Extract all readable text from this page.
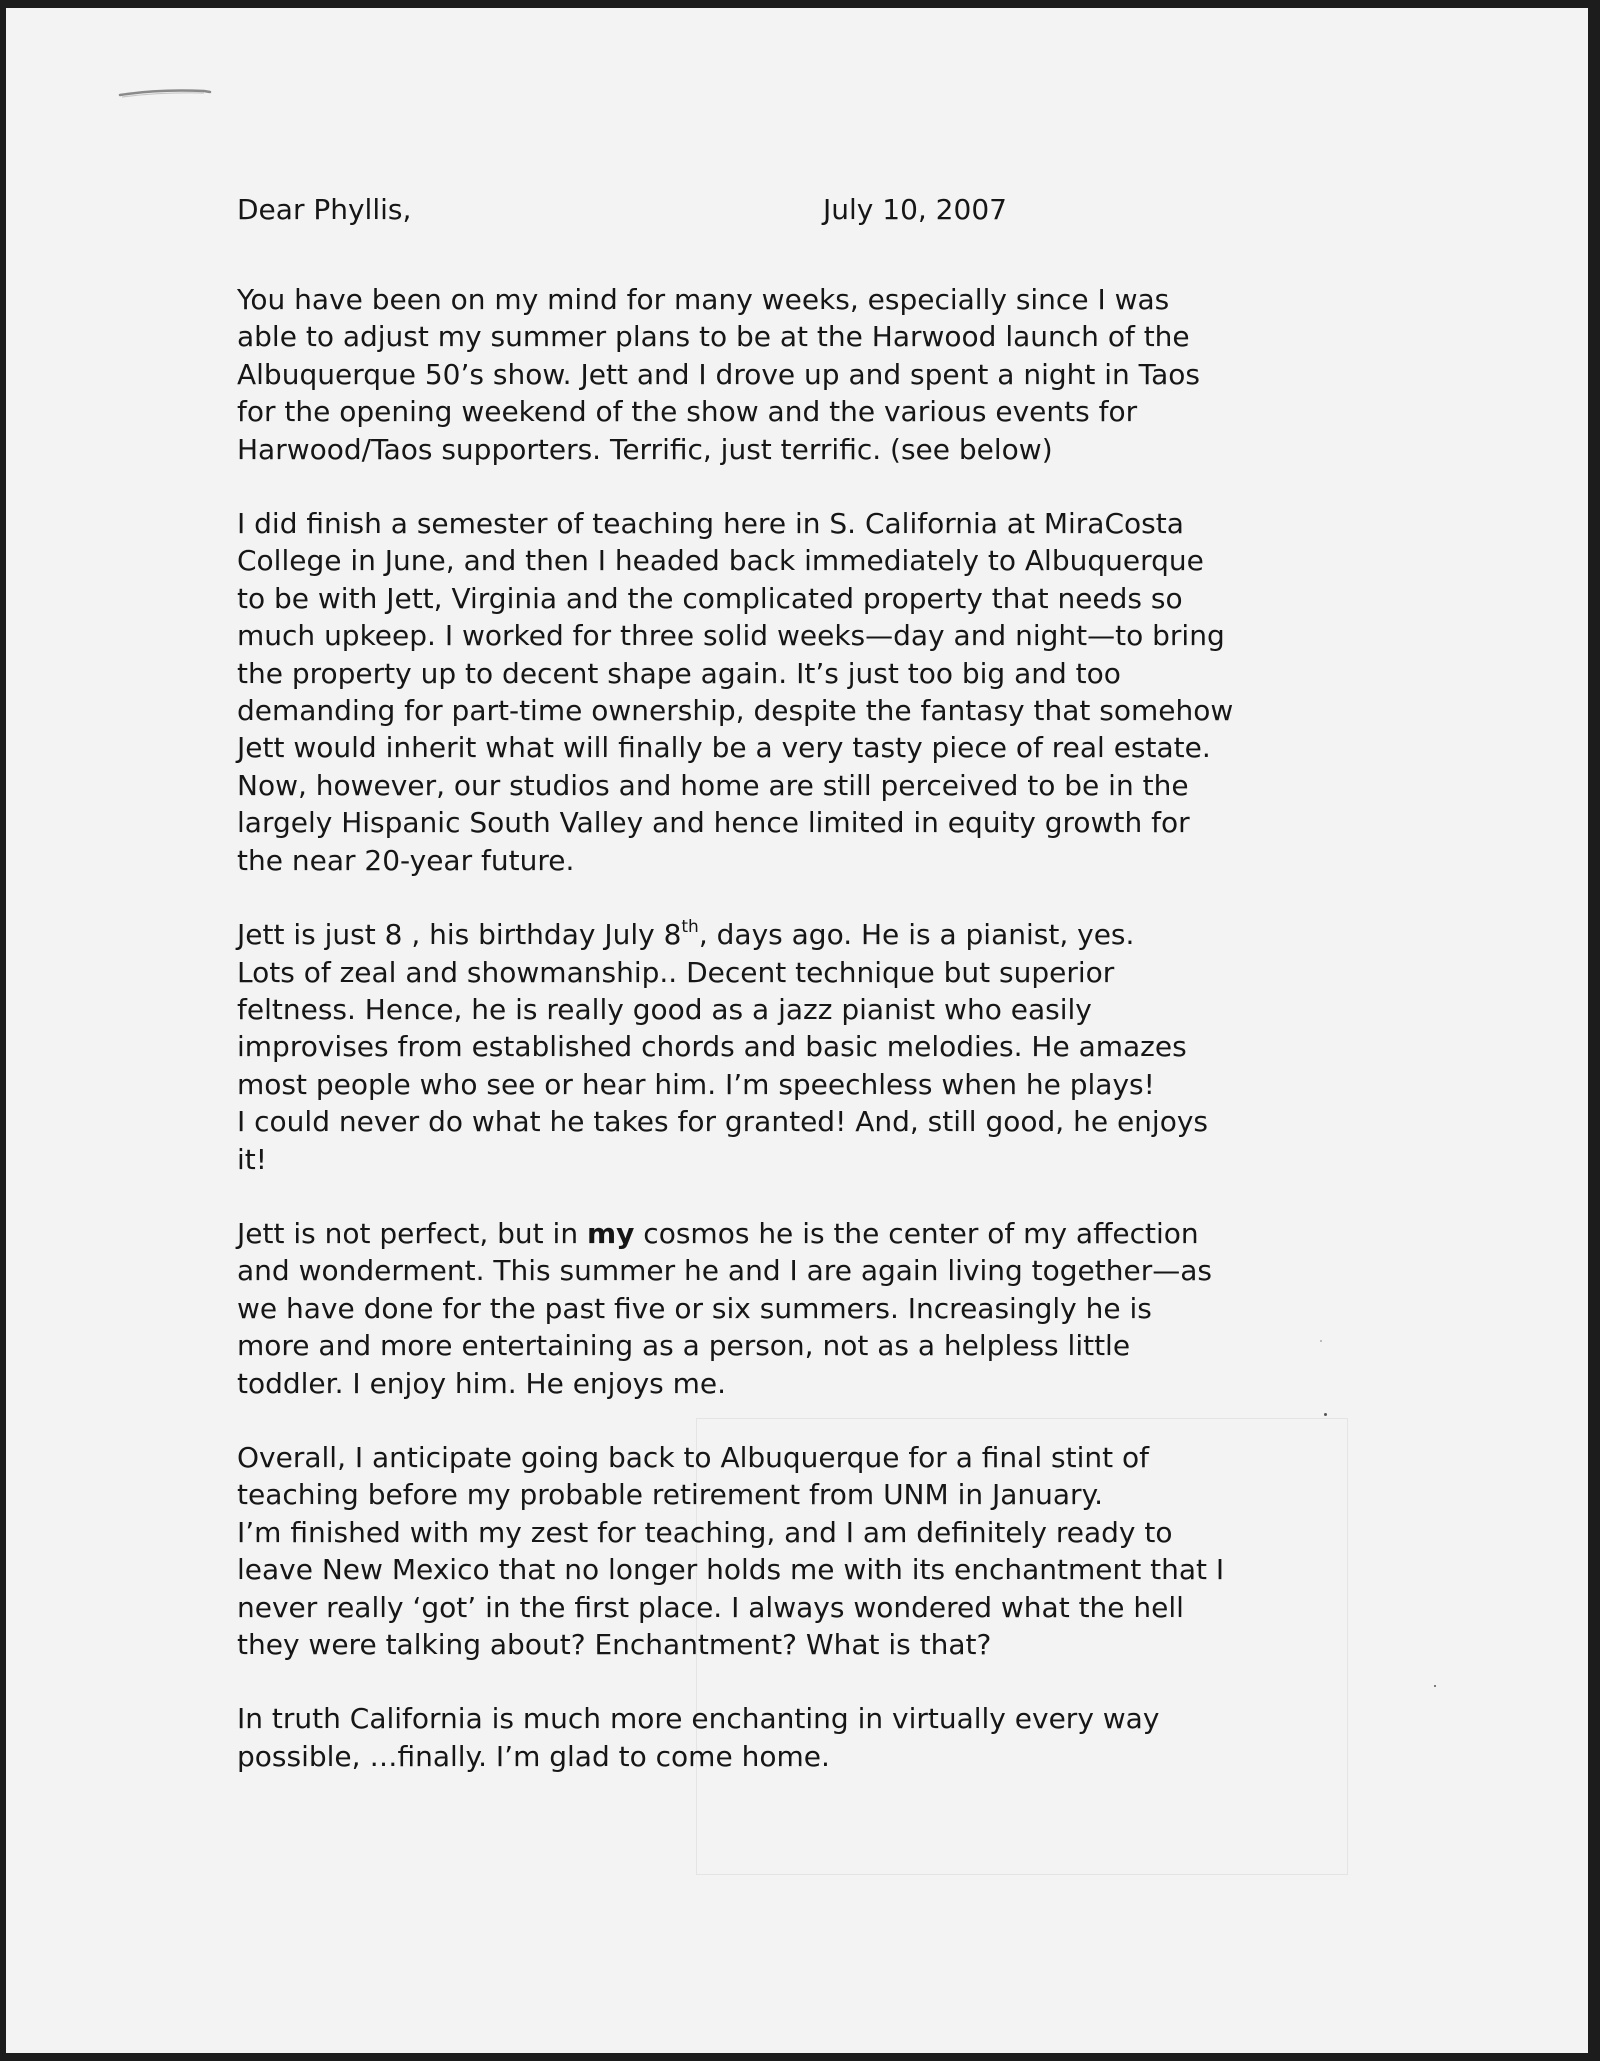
Dear Phyllis,	July 10, 2007
You have been on my mind for many weeks, especially since I was
able to adjust my summer plans to be at the Harwood launch of the
Albuquerque 50’s show. Jett and I drove up and spent a night in Taos
for the opening weekend of the show and the various events for
Harwood/Taos supporters. Terrific, just terrific. (see below)
I did finish a semester of teaching here in S. California at MiraCosta
College in June, and then I headed back immediately to Albuquerque
to be with Jett, Virginia and the complicated property that needs so
much upkeep. I worked for three solid weeks—day and night—to bring
the property up to decent shape again. It’s just too big and too
demanding for part-time ownership, despite the fantasy that somehow
Jett would inherit what will finally be a very tasty piece of real estate.
Now, however, our studios and home are still perceived to be in the
largely Hispanic South Valley and hence limited in equity growth for
the near 20-year future.
Jett is just 8 , his birthday July 8th, days ago. He is a pianist, yes.
Lots of zeal and showmanship.. Decent technique but superior
feltness. Hence, he is really good as a jazz pianist who easily
improvises from established chords and basic melodies. He amazes
most people who see or hear him. I’m speechless when he plays!
I could never do what he takes for granted! And, still good, he enjoys
it!
Jett is not perfect, but in my cosmos he is the center of my affection
and wonderment. This summer he and I are again living together—as
we have done for the past five or six summers. Increasingly he is
more and more entertaining as a person, not as a helpless little
toddler. I enjoy him. He enjoys me.
Overall, I anticipate going back to Albuquerque for a final stint of
teaching before my probable retirement from UNM in January.
I’m finished with my zest for teaching, and I am definitely ready to
leave New Mexico that no longer holds me with its enchantment that I
never really ‘got’ in the first place. I always wondered what the hell
they were talking about? Enchantment? What is that?
In truth California is much more enchanting in virtually every way
possible, …finally. I’m glad to come home.
